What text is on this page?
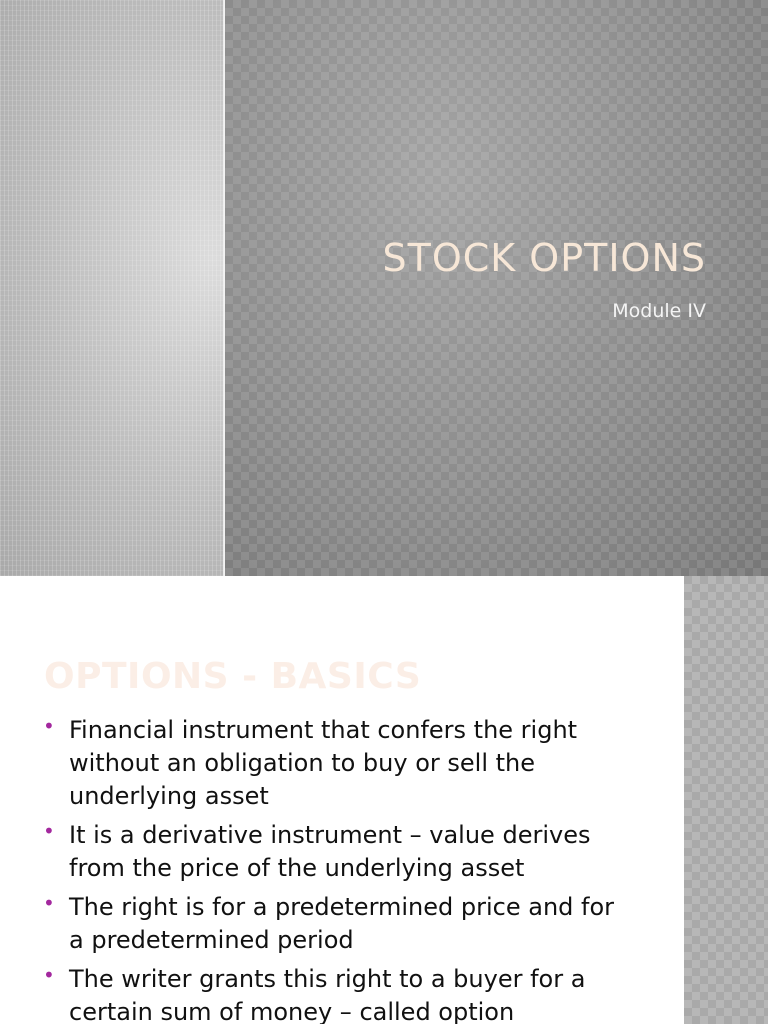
STOCK OPTIONS
Module IV
OPTIONS - BASICS
• Financial instrument that confers the right without an obligation to buy or sell the underlying asset
• It is a derivative instrument – value derives from the price of the underlying asset
• The right is for a predetermined price and for a predetermined period
• The writer grants this right to a buyer for a certain sum of money – called option
